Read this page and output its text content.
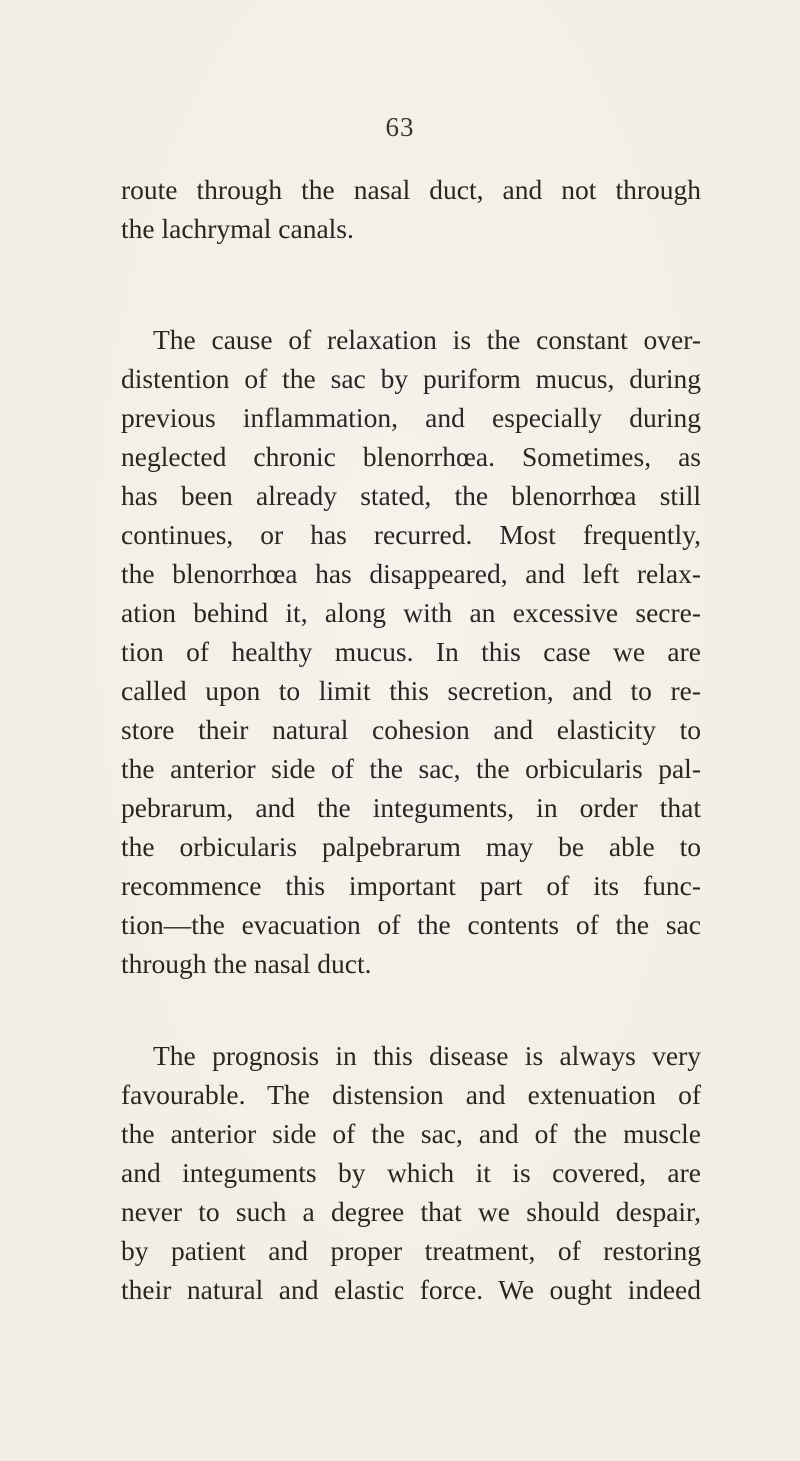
63
route through the nasal duct, and not through
the lachrymal canals.
The cause of relaxation is the constant over-
distention of the sac by puriform mucus, during
previous inflammation, and especially during
neglected chronic blenorrhœa. Sometimes, as
has been already stated, the blenorrhœa still
continues, or has recurred. Most frequently,
the blenorrhœa has disappeared, and left relax-
ation behind it, along with an excessive secre-
tion of healthy mucus. In this case we are
called upon to limit this secretion, and to re-
store their natural cohesion and elasticity to
the anterior side of the sac, the orbicularis pal-
pebrarum, and the integuments, in order that
the orbicularis palpebrarum may be able to
recommence this important part of its func-
tion—the evacuation of the contents of the sac
through the nasal duct.
The prognosis in this disease is always very
favourable. The distension and extenuation of
the anterior side of the sac, and of the muscle
and integuments by which it is covered, are
never to such a degree that we should despair,
by patient and proper treatment, of restoring
their natural and elastic force. We ought indeed
